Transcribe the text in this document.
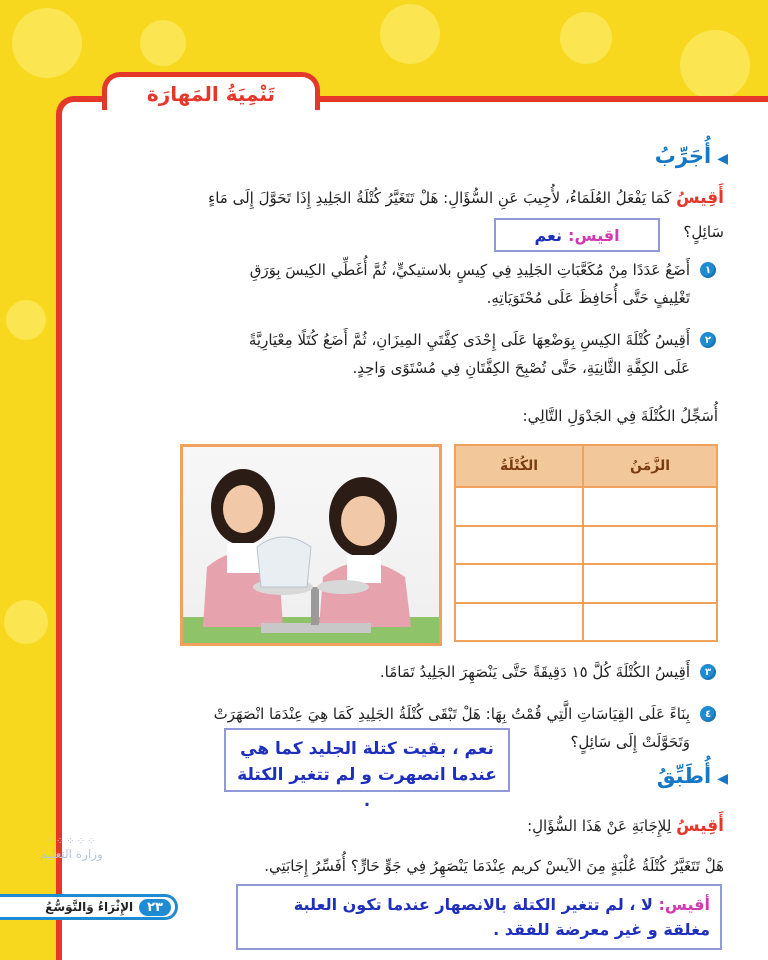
تَنْمِيَةُ المَهارَة
◀أُجَرِّبُ
أَقِيسُ كَمَا يَفْعَلُ العُلَمَاءُ، لأُجِيبَ عَنِ السُّؤَالِ: هَلْ تَتَغَيَّرُ كُتْلَةُ الجَلِيدِ إِذَا تَحَوَّلَ إِلَى مَاءٍ
سَائِلٍ؟
اقيس:
نعم
١
أَضَعُ عَدَدًا مِنْ مُكَعَّبَاتِ الجَلِيدِ فِي كِيسٍ بلاستيكيٍّ، ثُمَّ أُغَطِّي الكِيسَ بِوَرَقِ
تَغْلِيفٍ حَتَّى أُحَافِظَ عَلَى مُحْتَوَيَاتِهِ.
٢
أَقِيسُ كُتْلَةَ الكِيسِ بِوَضْعِهَا عَلَى إِحْدَى كِفَّتَيِ المِيزَانِ، ثُمَّ أَضَعُ كُتَلًا مِعْيَارِيَّةً
عَلَى الكِفَّةِ الثَّانِيَةِ، حَتَّى تُصْبِحَ الكِفَّتَانِ فِي مُسْتَوًى وَاحِدٍ.
أُسَجِّلُ الكُتْلَةَ فِي الجَدْوَلِ التَّالِي:
الزَّمَنُ	الكُتْلَةُ

٣
أَقِيسُ الكُتْلَةَ كُلَّ ١٥ دَقِيقَةً حَتَّى يَنْصَهِرَ الجَلِيدُ تَمَامًا.
٤
بِنَاءً عَلَى القِيَاسَاتِ الَّتِي قُمْتُ بِهَا: هَلْ تَبْقَى كُتْلَةُ الجَلِيدِ كَمَا هِيَ عِنْدَمَا انْصَهَرَتْ
وَتَحَوَّلَتْ إِلَى سَائِلٍ؟
نعم ، بقيت كتلة الجليد كما هي
عندما انصهرت و لم تتغير الكتلة .
◀أُطَبِّقُ
أَقِيسُ لِلإِجَابَةِ عَنْ هَذَا السُّؤَالِ:
هَلْ تَتَغَيَّرُ كُتْلَةُ عُلْبَةٍ مِنَ الآيسْ كريم عِنْدَمَا يَنْصَهِرُ فِي جَوٍّ حَارٍّ؟ أُفَسِّرُ إِجَابَتِي.
أقيس: لا ، لم تتغير الكتلة بالانصهار عندما تكون العلبة
مغلقة و غير معرضة للفقد .
⁘⁘⁘⁘⁘
وزارة التعليم
الإِثْرَاءُ وَالتَّوَسُّعُ	٢٣
